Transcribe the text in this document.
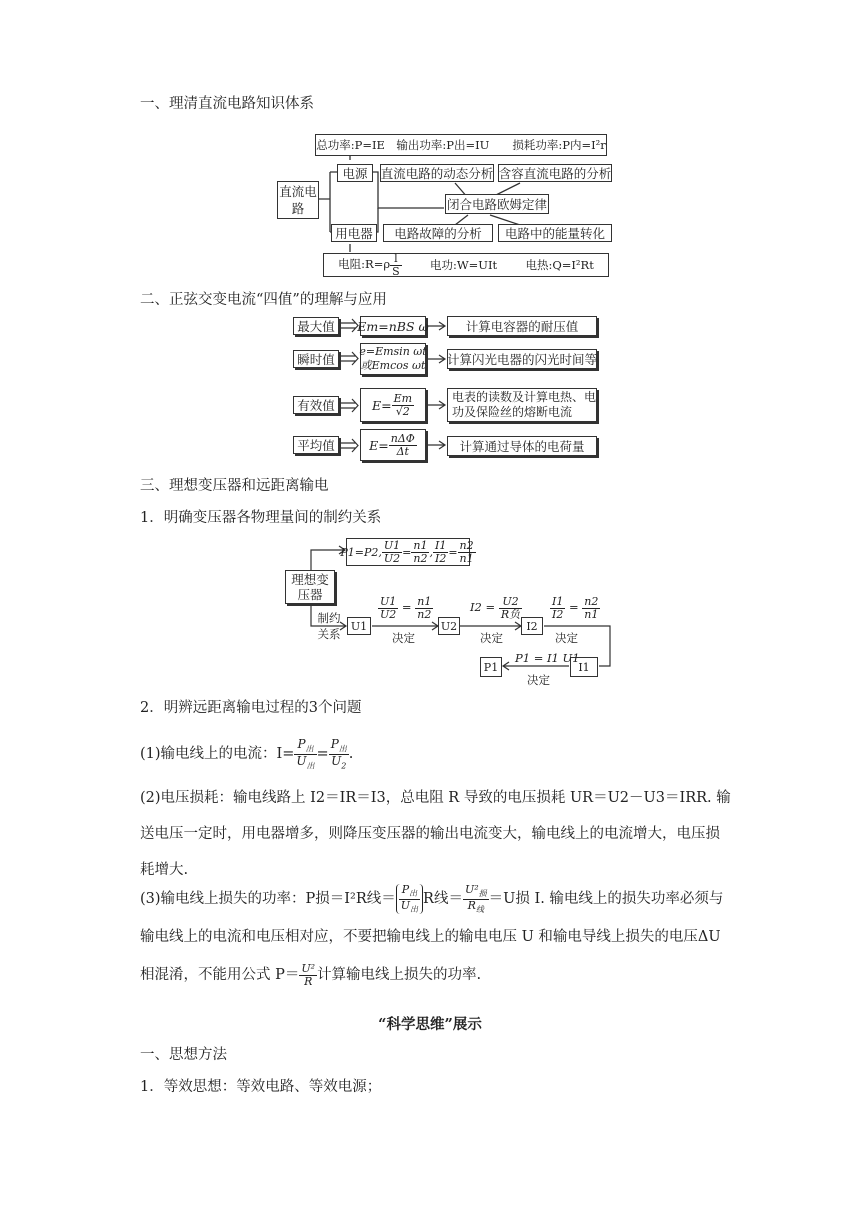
一、理清直流电路知识体系
总功率:P=IE　输出功率:P出=IU　　损耗功率:P内=I²r
直流电路
电源
用电器
直流电路的动态分析 含容直流电路的分析
闭合电路欧姆定律
电路故障的分析	电路中的能量转化
电阻:R=ρ $\frac{l}{S}$ 电功:W=UIt 电热:Q=I²Rt
二、正弦交变电流“四值”的理解与应用
最大值	Em=nBS ω	计算电容器的耐压值
瞬时值
e=Emsin ωt
或Emcos ωt 计算闪光电器的闪光时间等
有效值	$E= \frac{Em}{√2}$	电表的读数及计算电热、电功及保险丝的熔断电流
平均值	$E= \frac{\text{nΔΦ}}{\Delta t}$	计算通过导体的电荷量
三、理想变压器和远距离输电
1．明确变压器各物理量间的制约关系
理想变压器
P1=P2, $\frac{U1}{U2} = \frac{n1}{n2}$ , $\frac{I1}{I2} = \frac{n2}{n1}$
制约关系
U1
$\frac{U1}{U2} = \frac{n1}{n2}$
决定
U2
$I2 = \frac{U2}{\text{R负}}$
决定
I2
$\frac{I1}{I2} = \frac{n2}{n1}$
决定
I1
P1 = I1 U1
决定
P1
2．明辨远距离输电过程的3个问题
(1)输电线上的电流：$I= \frac{P_出}{U_出} = \frac{P_出}{U_2}$ .
(2)电压损耗：输电线路上 I2＝IR＝I3，总电阻 R 导致的电压损耗 UR＝U2－U3＝IRR. 输送电压一定时，用电器增多，则降压变压器的输出电流变大，输电线上的电流增大，电压损耗增大.
(3)输电线上损失的功率：P损＝I²R线＝ $\frac{P_出}{U_出}$ R线＝ $\frac{U^2_损}{R_线} =U$损 I. 输电线上的损失功率必须与输电线上的电流和电压相对应，不要把输电线上的输电电压 U 和输电导线上损失的电压ΔU 相混淆，不能用公式 $P= \frac{\text{U²}}{R}$ 计算输电线上损失的功率.
“科学思维”展示
一、思想方法
1．等效思想：等效电路、等效电源；
